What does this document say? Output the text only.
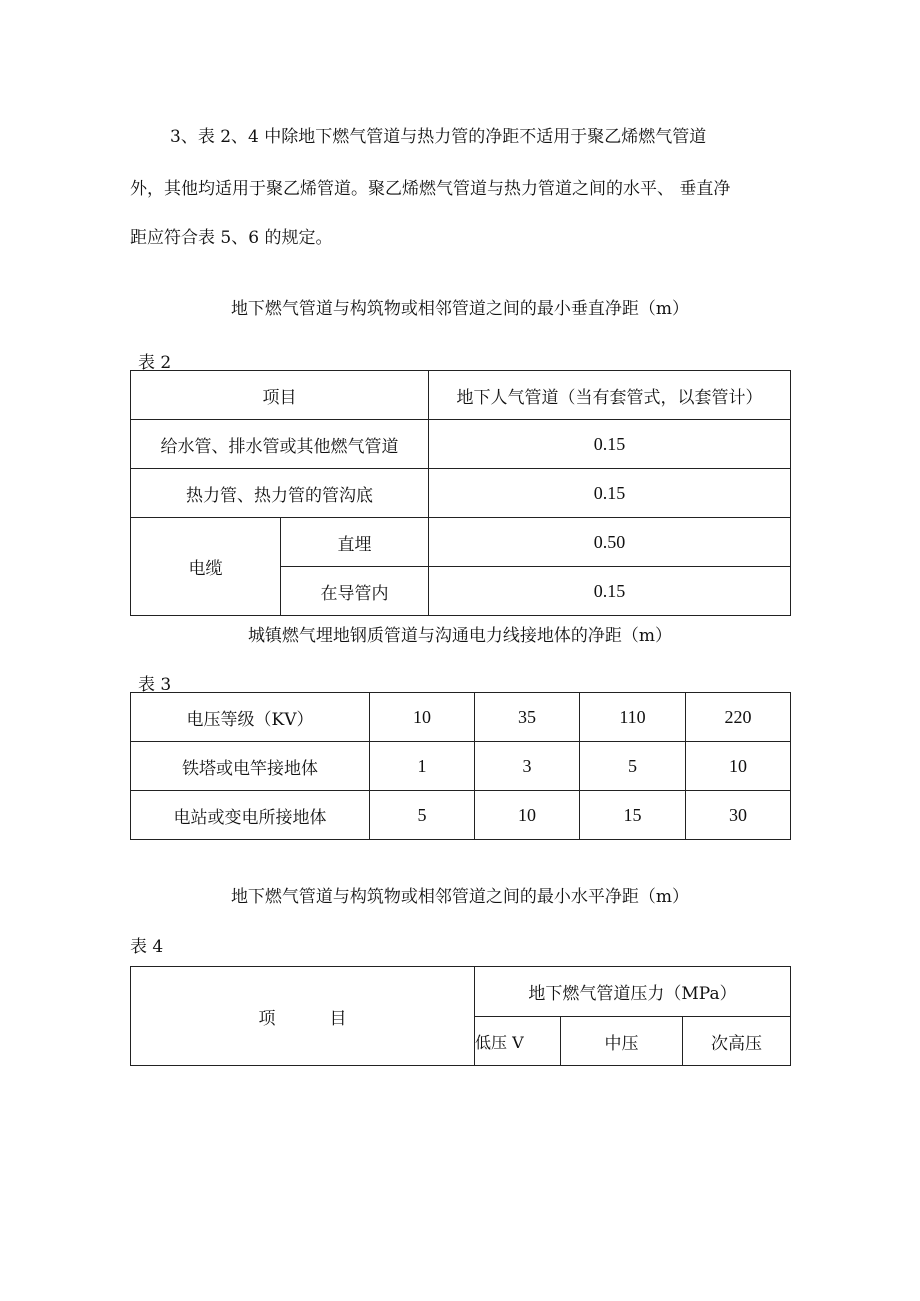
3、表 2、4 中除地下燃气管道与热力管的净距不适用于聚乙烯燃气管道

外，其他均适用于聚乙烯管道。聚乙烯燃气管道与热力管道之间的水平、 垂直净

距应符合表 5、6 的规定。

地下燃气管道与构筑物或相邻管道之间的最小垂直净距（m）

表 2

项目		地下人气管道（当有套管式，以套管计）
给水管、排水管或其他燃气管道		0.15
热力管、热力管的管沟底		0.15
电缆	直埋	0.50
	在导管内	0.15

城镇燃气埋地钢质管道与沟通电力线接地体的净距（m）

表 3

电压等级（KV）	10	35	110	220
铁塔或电竿接地体	1	3	5	10
电站或变电所接地体	5	10	15	30

地下燃气管道与构筑物或相邻管道之间的最小水平净距（m）

表 4

项          目	地下燃气管道压力（MPa）		
	低压 V	中压	次高压
